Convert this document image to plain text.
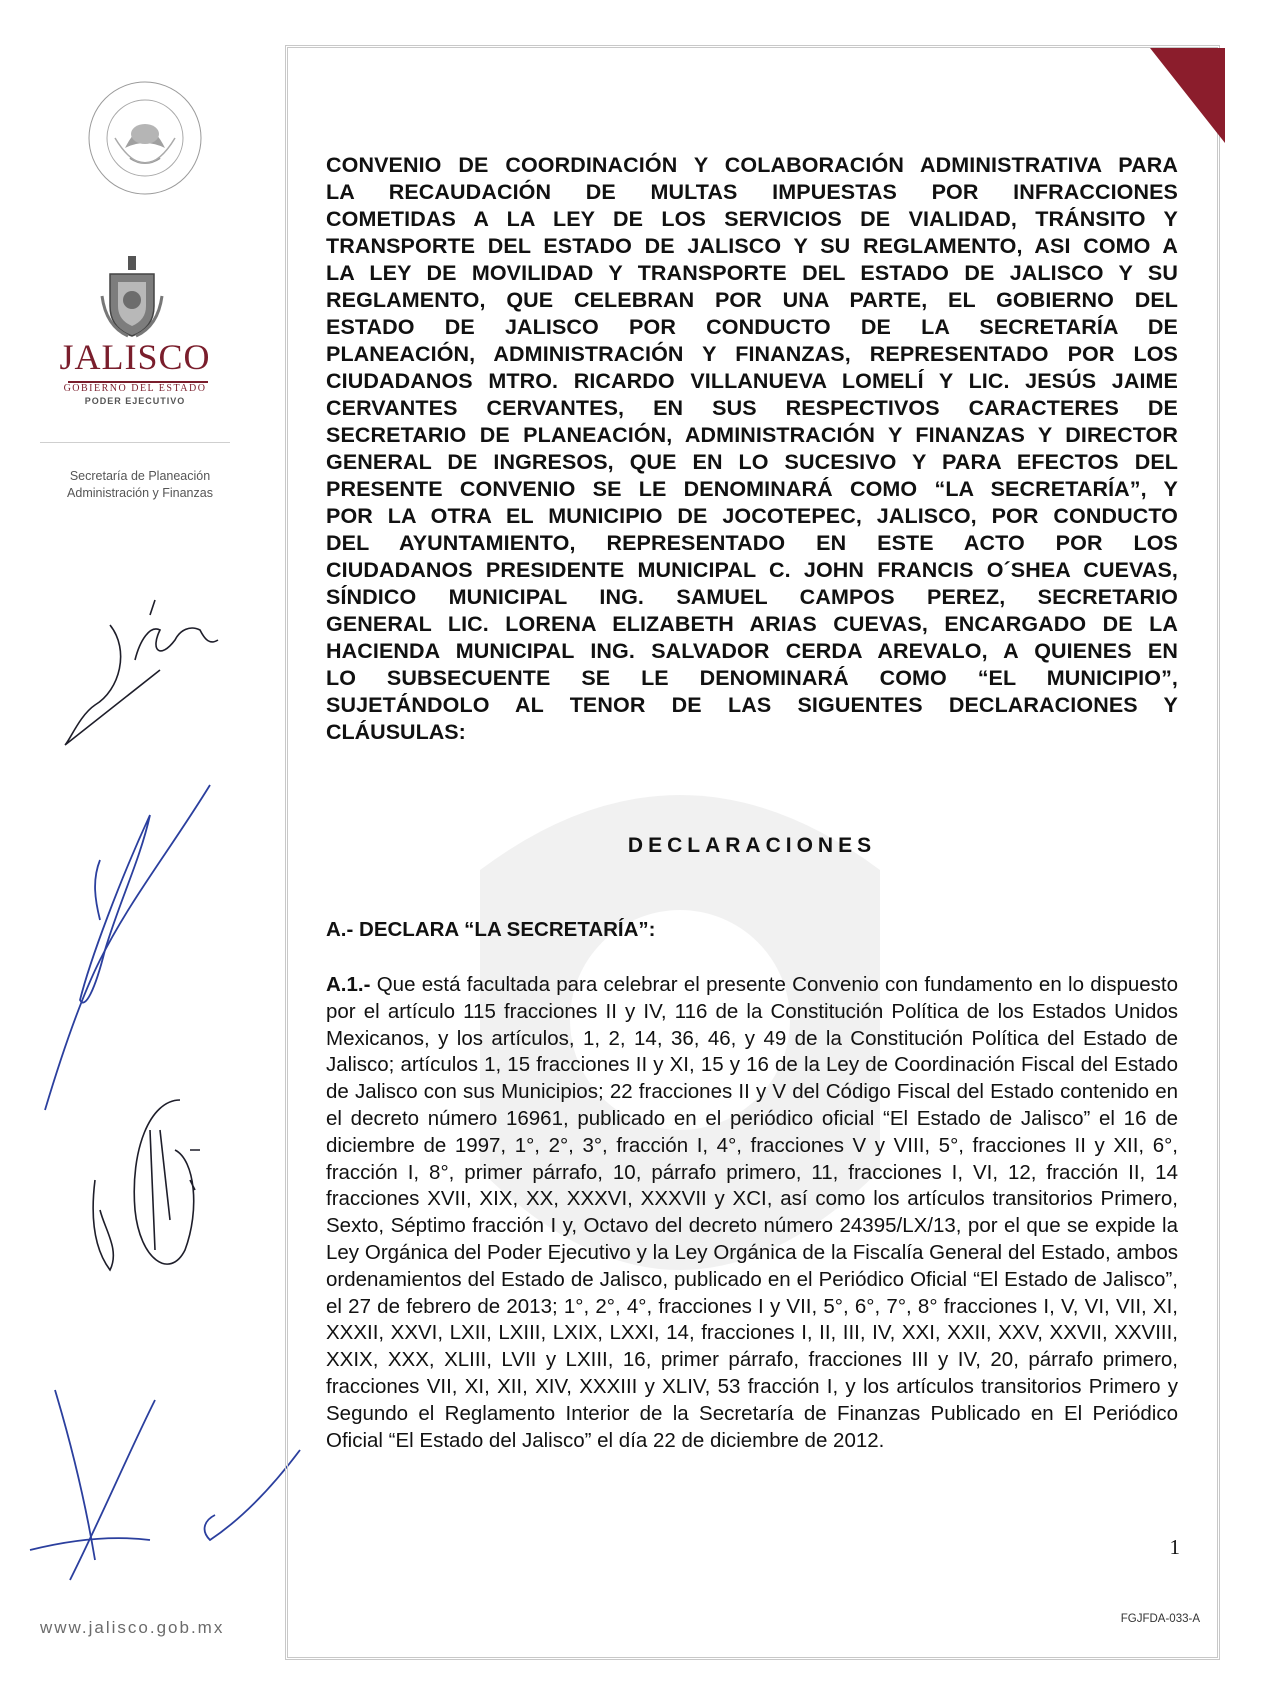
JALISCO
GOBIERNO DEL ESTADO
PODER EJECUTIVO
Secretaría de Planeación
Administración y Finanzas
www.jalisco.gob.mx

CONVENIO DE COORDINACIÓN Y COLABORACIÓN ADMINISTRATIVA PARA

LA RECAUDACIÓN DE MULTAS IMPUESTAS POR INFRACCIONES

COMETIDAS A LA LEY DE LOS SERVICIOS DE VIALIDAD, TRÁNSITO Y

TRANSPORTE DEL ESTADO DE JALISCO Y SU REGLAMENTO, ASI COMO A

LA LEY DE MOVILIDAD Y TRANSPORTE DEL ESTADO DE JALISCO Y SU

REGLAMENTO, QUE CELEBRAN POR UNA PARTE, EL GOBIERNO DEL

ESTADO DE JALISCO POR CONDUCTO DE LA SECRETARÍA DE

PLANEACIÓN, ADMINISTRACIÓN Y FINANZAS, REPRESENTADO POR LOS

CIUDADANOS MTRO. RICARDO VILLANUEVA LOMELÍ Y LIC. JESÚS JAIME

CERVANTES CERVANTES, EN SUS RESPECTIVOS CARACTERES DE

SECRETARIO DE PLANEACIÓN, ADMINISTRACIÓN Y FINANZAS Y DIRECTOR

GENERAL DE INGRESOS, QUE EN LO SUCESIVO Y PARA EFECTOS DEL

PRESENTE CONVENIO SE LE DENOMINARÁ COMO “LA SECRETARÍA”, Y

POR LA OTRA EL MUNICIPIO DE JOCOTEPEC, JALISCO, POR CONDUCTO

DEL AYUNTAMIENTO, REPRESENTADO EN ESTE ACTO POR LOS

CIUDADANOS PRESIDENTE MUNICIPAL C. JOHN FRANCIS O´SHEA CUEVAS,

SÍNDICO MUNICIPAL ING. SAMUEL CAMPOS PEREZ, SECRETARIO

GENERAL LIC. LORENA ELIZABETH ARIAS CUEVAS, ENCARGADO DE LA

HACIENDA MUNICIPAL ING. SALVADOR CERDA AREVALO, A QUIENES EN

LO SUBSECUENTE SE LE DENOMINARÁ COMO “EL MUNICIPIO”,

SUJETÁNDOLO AL TENOR DE LAS SIGUENTES DECLARACIONES Y

CLÁUSULAS:

DECLARACIONES
A.- DECLARA “LA SECRETARÍA”:

A.1.- Que está facultada para celebrar el presente Convenio con fundamento en lo dispuesto por el artículo 115 fracciones II y IV, 116 de la Constitución Política de los Estados Unidos Mexicanos, y los artículos, 1, 2, 14, 36, 46, y 49 de la Constitución Política del Estado de Jalisco; artículos 1, 15 fracciones II y XI, 15 y 16 de la Ley de Coordinación Fiscal del Estado de Jalisco con sus Municipios; 22 fracciones II y V del Código Fiscal del Estado contenido en el decreto número 16961, publicado en el periódico oficial “El Estado de Jalisco” el 16 de diciembre de 1997, 1°, 2°, 3°, fracción I, 4°, fracciones V y VIII, 5°, fracciones II y XII, 6°, fracción I, 8°, primer párrafo, 10, párrafo primero, 11, fracciones I, VI, 12, fracción II, 14 fracciones XVII, XIX, XX, XXXVI, XXXVII y XCI, así como los artículos transitorios Primero, Sexto, Séptimo fracción I y, Octavo del decreto número 24395/LX/13, por el que se expide la Ley Orgánica del Poder Ejecutivo y la Ley Orgánica de la Fiscalía General del Estado, ambos ordenamientos del Estado de Jalisco, publicado en el Periódico Oficial “El Estado de Jalisco”, el 27 de febrero de 2013; 1°, 2°, 4°, fracciones I y VII, 5°, 6°, 7°, 8° fracciones I, V, VI, VII, XI, XXXII, XXVI, LXII, LXIII, LXIX, LXXI, 14, fracciones I, II, III, IV, XXI, XXII, XXV, XXVII, XXVIII, XXIX, XXX, XLIII, LVII y LXIII, 16, primer párrafo, fracciones III y IV, 20, párrafo primero, fracciones VII, XI, XII, XIV, XXXIII y XLIV, 53 fracción I, y los artículos transitorios Primero y Segundo el Reglamento Interior de la Secretaría de Finanzas Publicado en El Periódico Oficial “El Estado del Jalisco” el día 22 de diciembre de 2012.

1
FGJFDA-033-A
